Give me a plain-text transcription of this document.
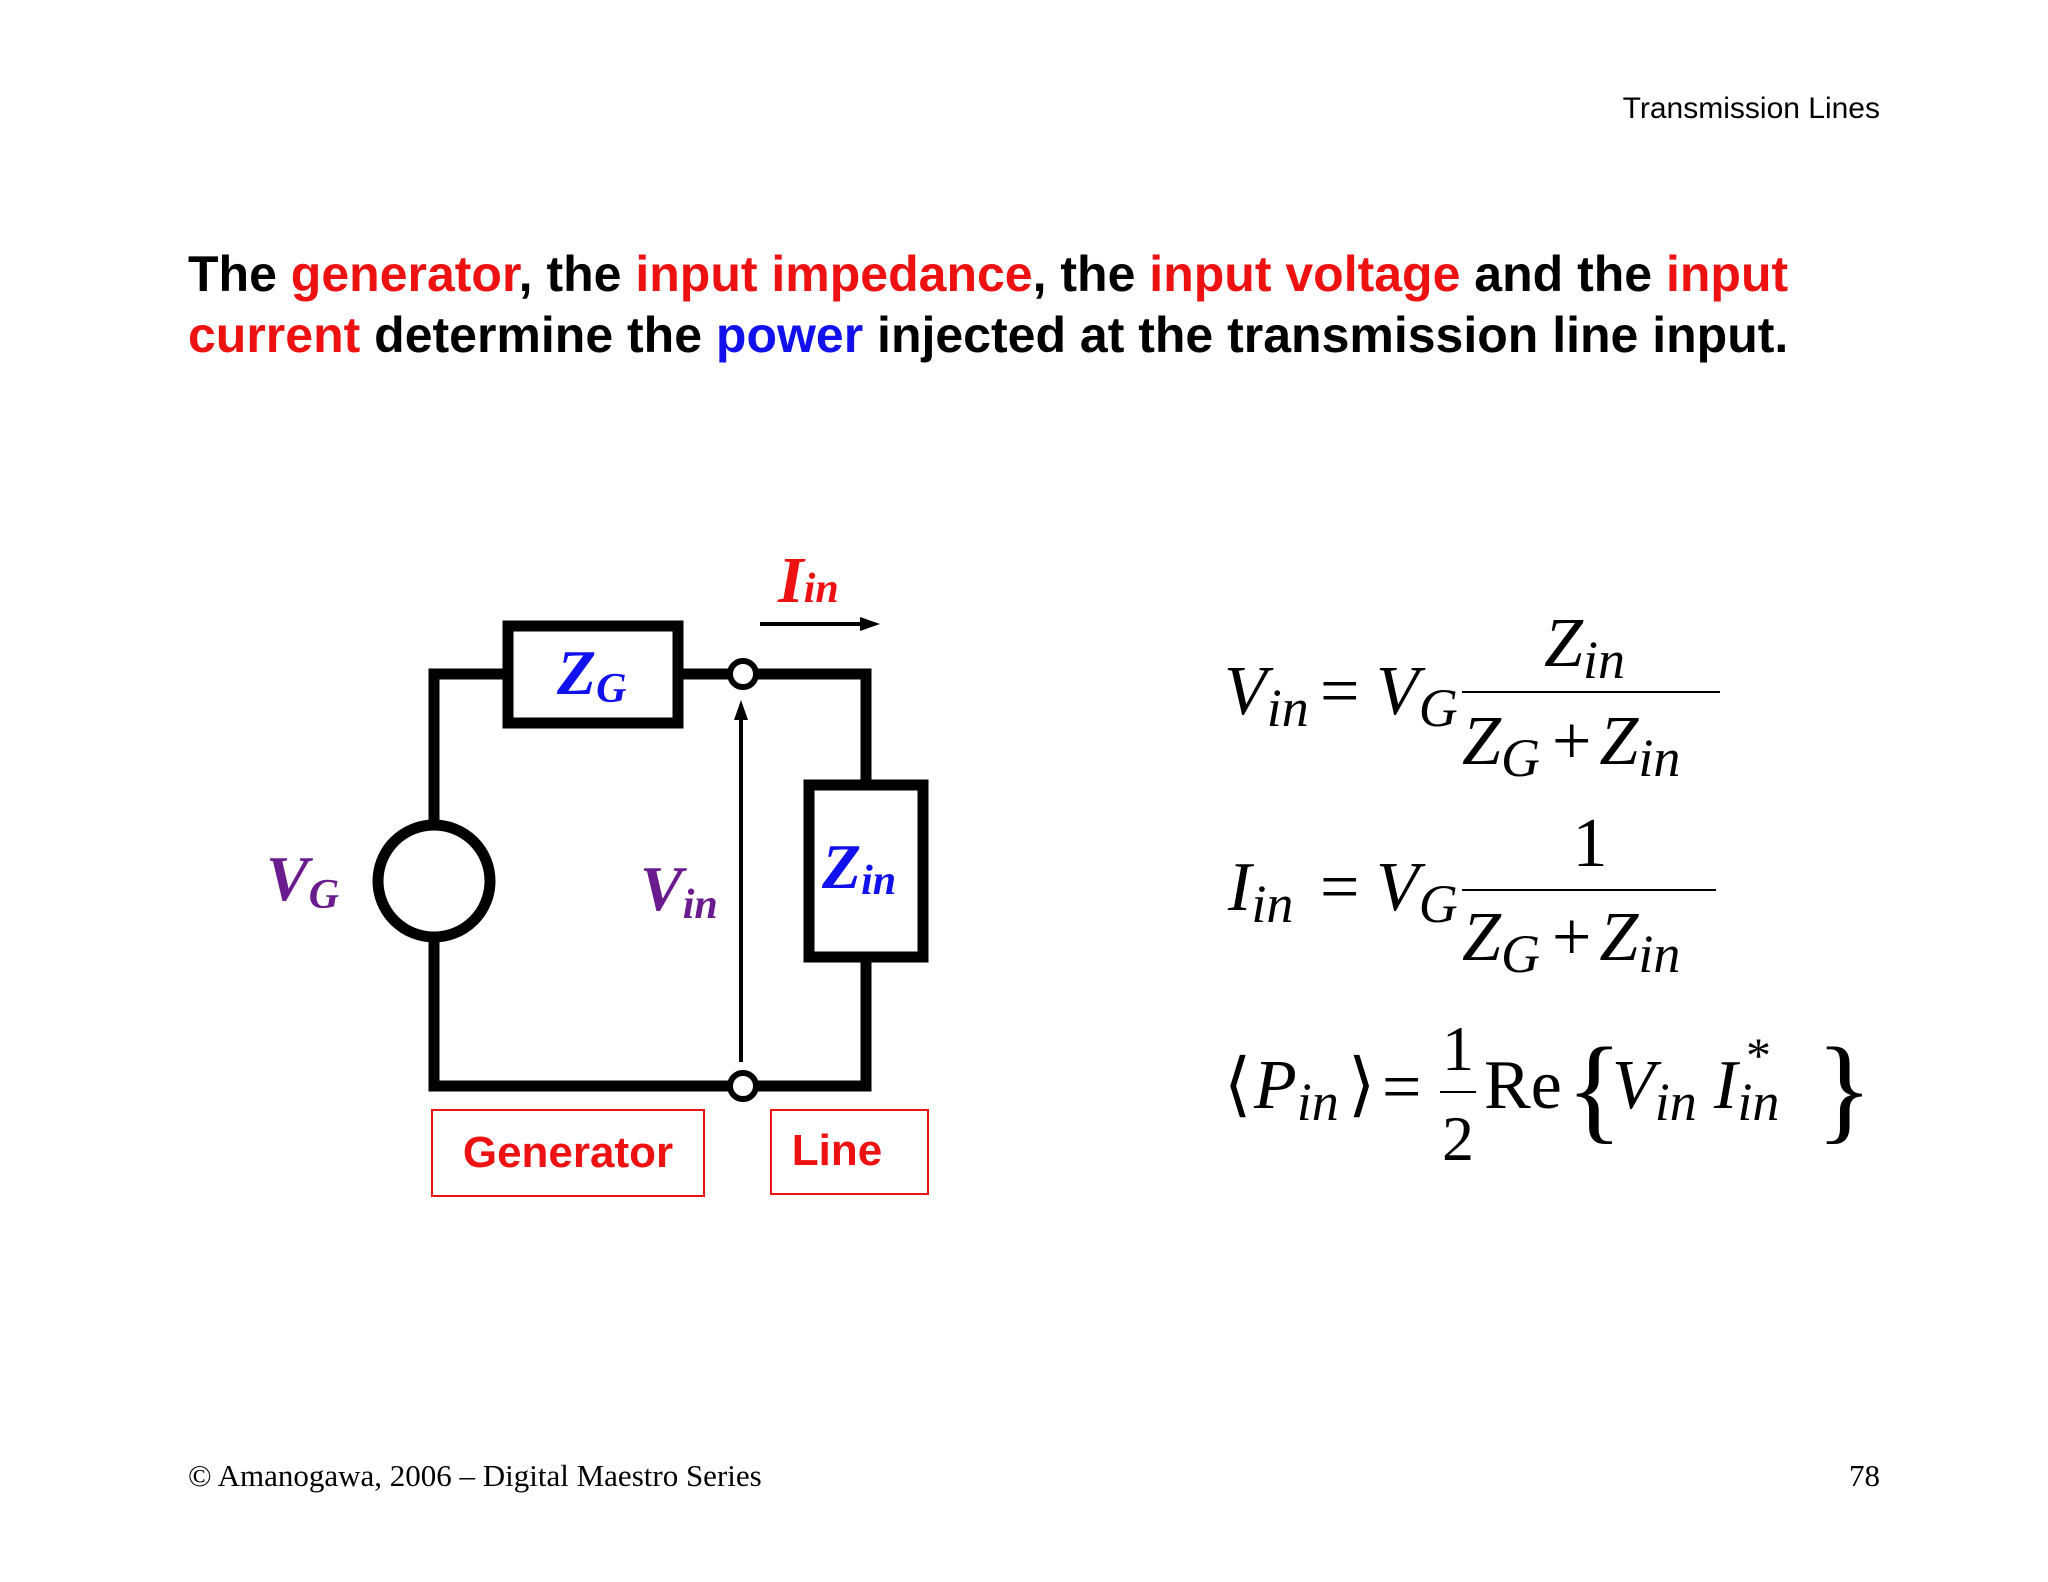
Transmission Lines
The generator, the input impedance, the input voltage and the input current determine the power injected at the transmission line input.
Iin
ZG
VG	Vin
Zin
Generator	Line
Vin = VG
Zin
ZG + Zin
Iin = VG
1
ZG + Zin
⟨ Pin ⟩ =
1
2
Re {
Vin Iin
* }
© Amanogawa, 2006 – Digital Maestro Series	78
